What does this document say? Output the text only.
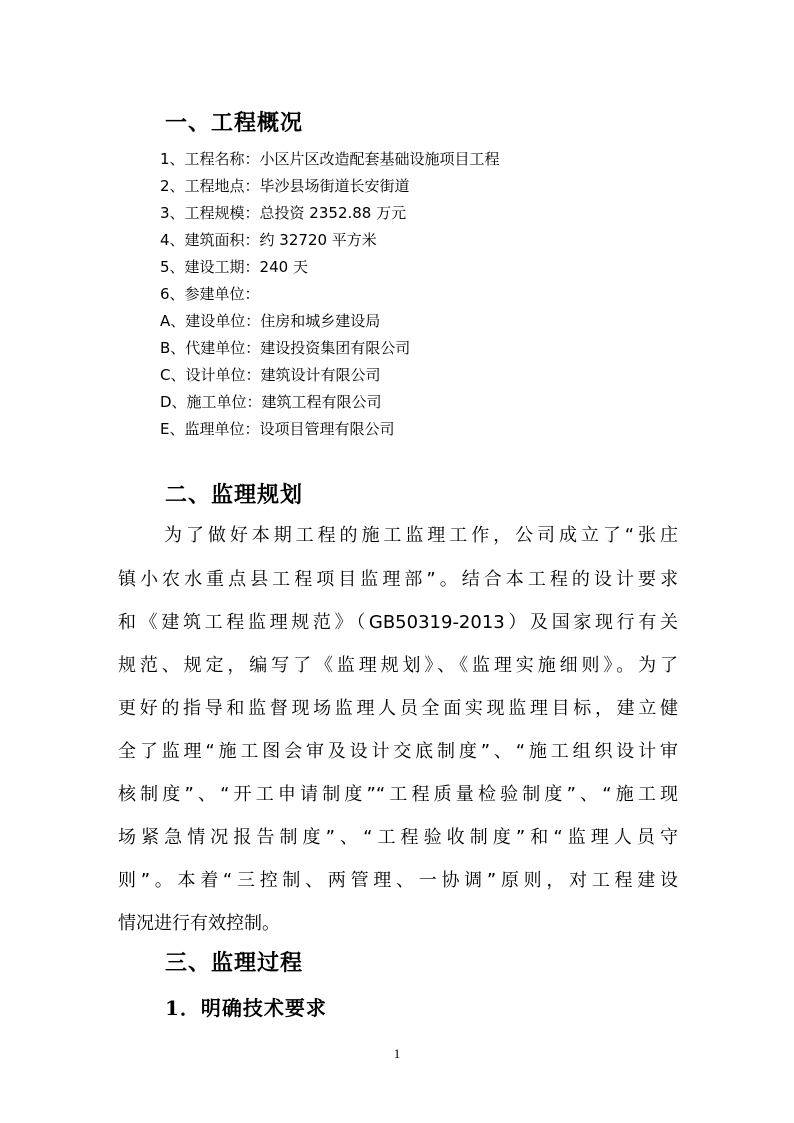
一、工程概况
1、工程名称：小区片区改造配套基础设施项目工程
2、工程地点：毕沙县场街道长安街道
3、工程规模：总投资 2352.88 万元
4、建筑面积：约 32720 平方米
5、建设工期：240 天
6、参建单位：
A、建设单位：住房和城乡建设局
B、代建单位：建设投资集团有限公司
C、设计单位：建筑设计有限公司
D、施工单位：建筑工程有限公司
E、监理单位：设项目管理有限公司
二、监理规划
为了做好本期工程的施工监理工作，公司成立了“张庄
镇小农水重点县工程项目监理部”。结合本工程的设计要求
和《建筑工程监理规范》（GB50319-2013）及国家现行有关
规范、规定，编写了《监理规划》、《监理实施细则》。为了
更好的指导和监督现场监理人员全面实现监理目标，建立健
全了监理“施工图会审及设计交底制度”、“施工组织设计审
核制度”、“开工申请制度”“工程质量检验制度”、“施工现
场紧急情况报告制度”、“工程验收制度”和“监理人员守
则”。本着“三控制、两管理、一协调”原则，对工程建设
情况进行有效控制。
三、监理过程
1．明确技术要求
1
